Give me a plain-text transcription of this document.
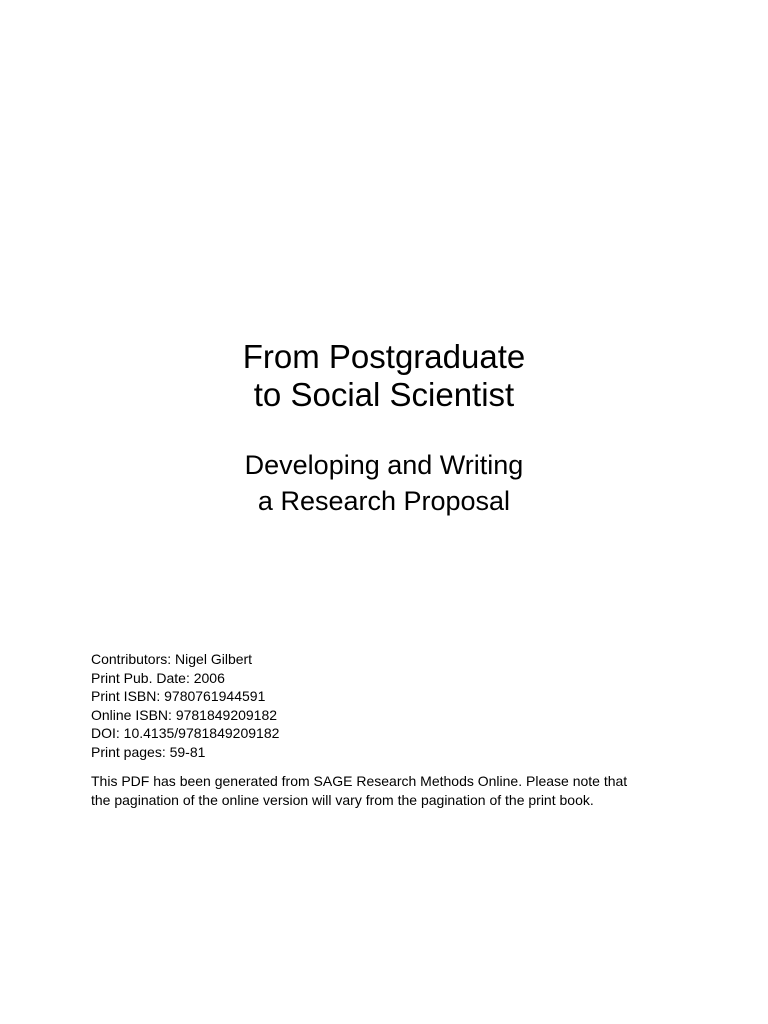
From Postgraduate
to Social Scientist
Developing and Writing
a Research Proposal
Contributors: Nigel Gilbert
Print Pub. Date: 2006
Print ISBN: 9780761944591
Online ISBN: 9781849209182
DOI: 10.4135/9781849209182
Print pages: 59-81

This PDF has been generated from SAGE Research Methods Online. Please note that
the pagination of the online version will vary from the pagination of the print book.
